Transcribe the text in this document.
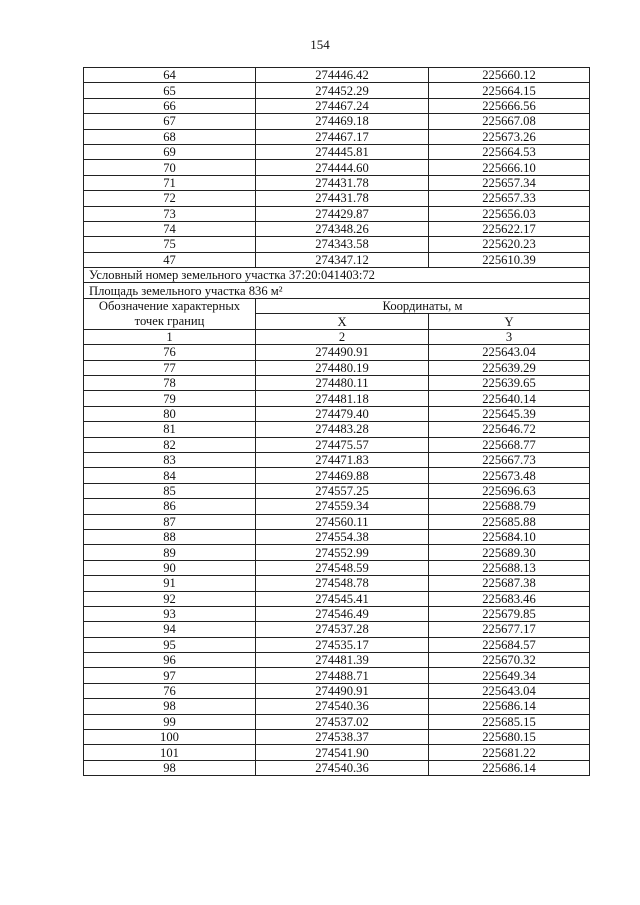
154
64	274446.42	225660.12
65	274452.29	225664.15
66	274467.24	225666.56
67	274469.18	225667.08
68	274467.17	225673.26
69	274445.81	225664.53
70	274444.60	225666.10
71	274431.78	225657.34
72	274431.78	225657.33
73	274429.87	225656.03
74	274348.26	225622.17
75	274343.58	225620.23
47	274347.12	225610.39
Условный номер земельного участка 37:20:041403:72		
Площадь земельного участка 836 м²		
Обозначение характерных точек границ	Координаты, м	
	X	Y
1	2	3
76	274490.91	225643.04
77	274480.19	225639.29
78	274480.11	225639.65
79	274481.18	225640.14
80	274479.40	225645.39
81	274483.28	225646.72
82	274475.57	225668.77
83	274471.83	225667.73
84	274469.88	225673.48
85	274557.25	225696.63
86	274559.34	225688.79
87	274560.11	225685.88
88	274554.38	225684.10
89	274552.99	225689.30
90	274548.59	225688.13
91	274548.78	225687.38
92	274545.41	225683.46
93	274546.49	225679.85
94	274537.28	225677.17
95	274535.17	225684.57
96	274481.39	225670.32
97	274488.71	225649.34
76	274490.91	225643.04
98	274540.36	225686.14
99	274537.02	225685.15
100	274538.37	225680.15
101	274541.90	225681.22
98	274540.36	225686.14
